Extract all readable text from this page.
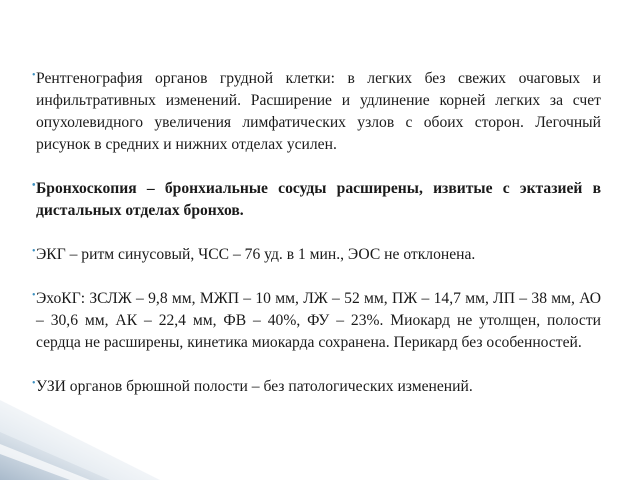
• Рентгенография органов грудной клетки: в легких без свежих очаговых и инфильтративных изменений. Расширение и удлинение корней легких за счет опухолевидного увеличения лимфатических узлов с обоих сторон. Легочный рисунок в средних и нижних отделах усилен.

• Бронхоскопия – бронхиальные сосуды расширены, извитые с эктазией в дистальных отделах бронхов.

• ЭКГ – ритм синусовый, ЧСС – 76 уд. в 1 мин., ЭОС не отклонена.

• ЭхоКГ: ЗСЛЖ – 9,8 мм, МЖП – 10 мм, ЛЖ – 52 мм, ПЖ – 14,7 мм, ЛП – 38 мм, АО – 30,6 мм, АК – 22,4 мм, ФВ – 40%, ФУ – 23%. Миокард не утолщен, полости сердца не расширены, кинетика миокарда сохранена. Перикард без особенностей.

• УЗИ органов брюшной полости – без патологических изменений.
